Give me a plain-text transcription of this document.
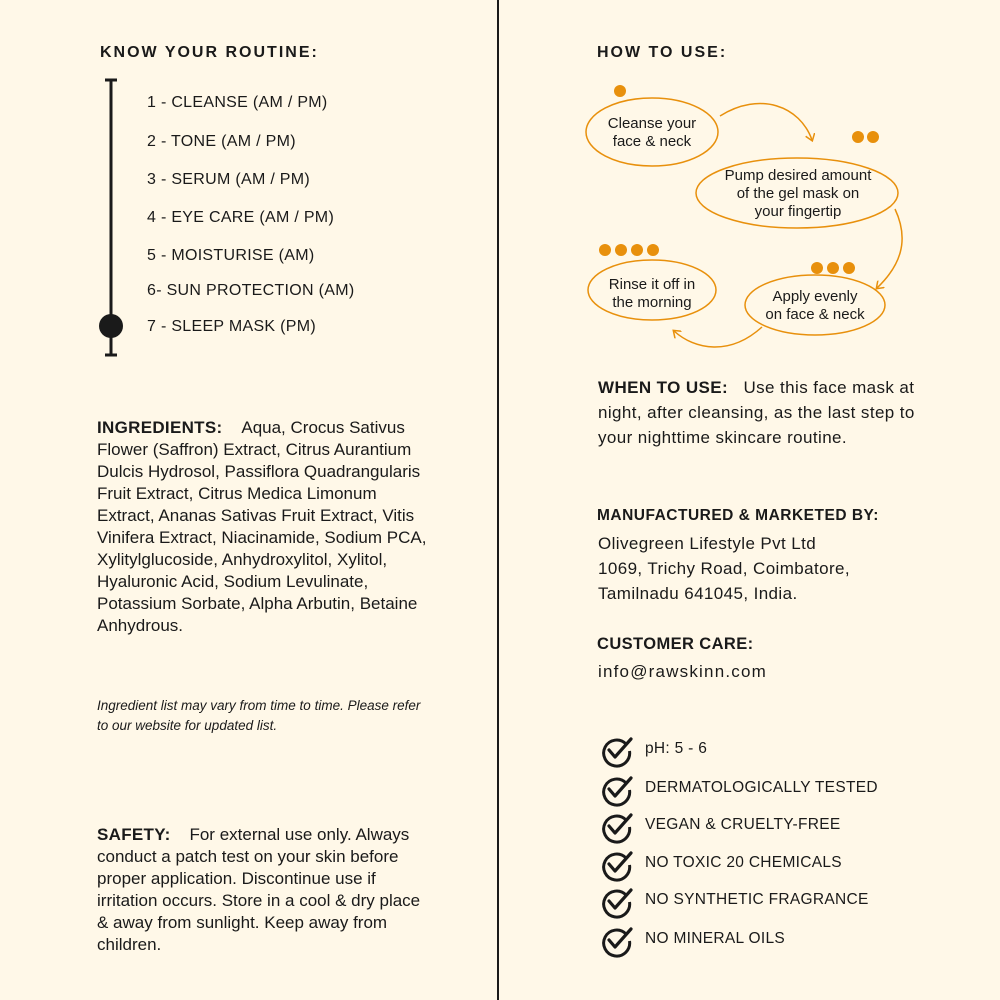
KNOW YOUR ROUTINE:
1 - CLEANSE (AM / PM)
2 - TONE (AM / PM)
3 - SERUM (AM / PM)
4 - EYE CARE (AM / PM)
5 - MOISTURISE (AM)
6- SUN PROTECTION (AM)
7 - SLEEP MASK (PM)
INGREDIENTS: Aqua, Crocus Sativus Flower (Saffron) Extract, Citrus Aurantium Dulcis Hydrosol, Passiflora Quadrangularis Fruit Extract, Citrus Medica Limonum Extract, Ananas Sativas Fruit Extract, Vitis Vinifera Extract, Niacinamide, Sodium PCA, Xylitylglucoside, Anhydroxylitol, Xylitol, Hyaluronic Acid, Sodium Levulinate, Potassium Sorbate, Alpha Arbutin, Betaine Anhydrous.
Ingredient list may vary from time to time. Please refer to our website for updated list.
SAFETY: For external use only. Always conduct a patch test on your skin before proper application. Discontinue use if irritation occurs. Store in a cool & dry place & away from sunlight. Keep away from children.
HOW TO USE:
Cleanse your
face & neck
Pump desired amount
of the gel mask on
your fingertip
Apply evenly
on face & neck
Rinse it off in
the morning
WHEN TO USE: Use this face mask at night, after cleansing, as the last step to your nighttime skincare routine.
MANUFACTURED & MARKETED BY:
Olivegreen Lifestyle Pvt Ltd
1069, Trichy Road, Coimbatore,
Tamilnadu 641045, India.
CUSTOMER CARE:
info@rawskinn.com
pH: 5 - 6
DERMATOLOGICALLY TESTED
VEGAN & CRUELTY-FREE
NO TOXIC 20 CHEMICALS
NO SYNTHETIC FRAGRANCE
NO MINERAL OILS
